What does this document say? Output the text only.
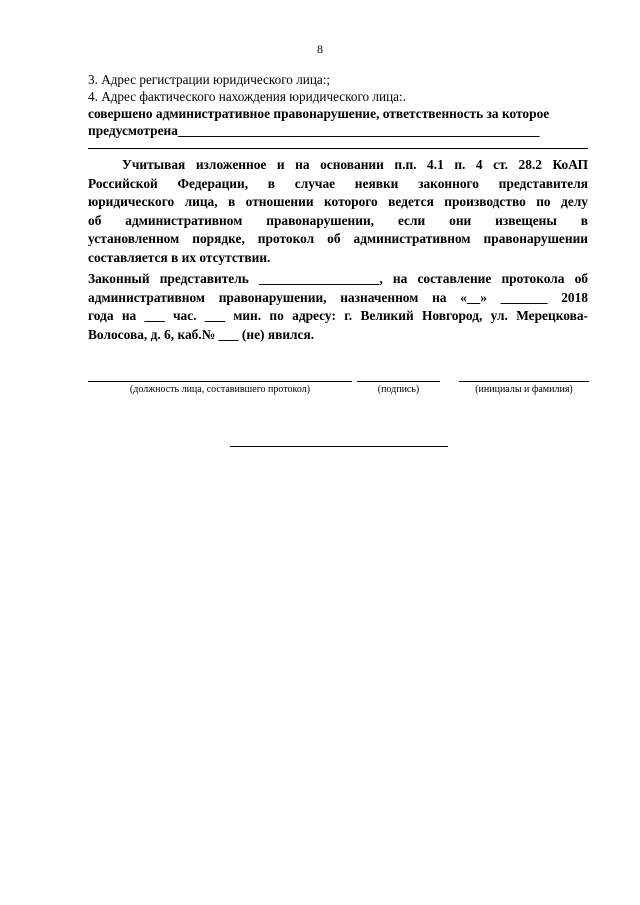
8
3. Адрес регистрации юридического лица:;
4. Адрес фактического нахождения юридического лица:.
совершено административное правонарушение, ответственность за которое
предусмотрена______________________________________________________
Учитывая изложенное и на основании п.п. 4.1 п. 4 ст. 28.2 КоАП
Российской Федерации, в случае неявки законного представителя
юридического лица, в отношении которого ведется производство по делу
об административном правонарушении, если они извещены в
установленном порядке, протокол об административном правонарушении
составляется в их отсутствии.
Законный представитель __________________, на составление протокола об
административном правонарушении, назначенном на «__» _______ 2018
года на ___ час. ___ мин. по адресу: г. Великий Новгород, ул. Мерецкова-
Волосова, д. 6, каб.№ ___ (не) явился.
(должность лица, составившего протокол)	(подпись)	(инициалы и фамилия)
